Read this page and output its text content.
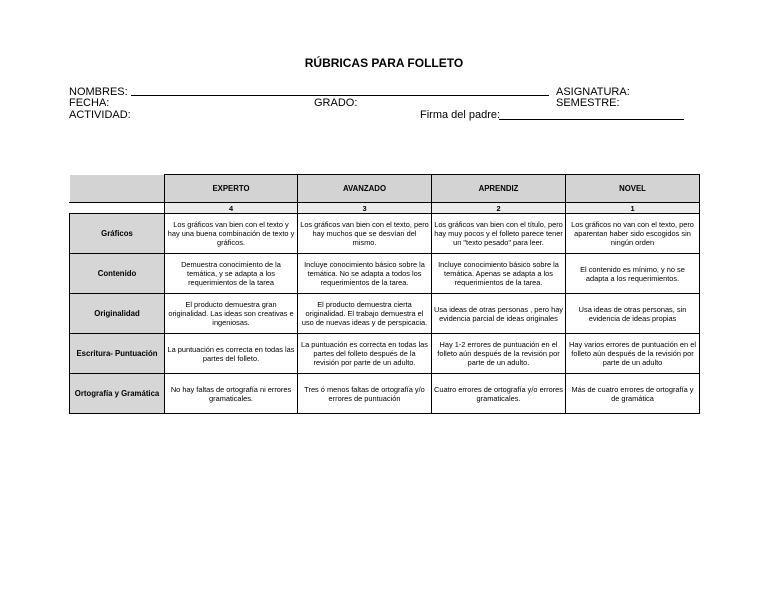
RÚBRICAS PARA FOLLETO
NOMBRES:	ASIGNATURA:
FECHA:	GRADO:	SEMESTRE:
ACTIVIDAD:	Firma del padre:
	EXPERTO	AVANZADO	APRENDIZ	NOVEL
	4	3	2	1
Gráficos	Los gráficos van bien con el texto y hay una buena combinación de texto y gráficos.	Los gráficos van bien con el texto, pero hay muchos que se desvían del mismo.	Los gráficos van bien con el título, pero hay muy pocos y el folleto parece tener un "texto pesado" para leer.	Los gráficos no van con el texto, pero aparentan haber sido escogidos sin ningún orden
Contenido	Demuestra conocimiento de la temática, y se adapta a los requerimientos de la tarea	Incluye conocimiento básico sobre la temática. No se adapta a todos los requerimientos de la tarea.	Incluye conocimiento básico sobre la temática. Apenas se adapta a los requerimientos de la tarea.	El contenido es mínimo, y no se adapta a los requerimientos.
Originalidad	El producto demuestra gran originalidad. Las ideas son creativas e ingeniosas.	El producto demuestra cierta originalidad. El trabajo demuestra el uso de nuevas ideas y de perspicacia.	Usa ideas de otras personas , pero hay evidencia parcial de ideas originales	Usa ideas de otras personas, sin evidencia de ideas propias
Escritura- Puntuación	La puntuación es correcta en todas las partes del folleto.	La puntuación es correcta en todas las partes del folleto después de la revisión por parte de un adulto.	Hay 1-2 errores de puntuación en el folleto aún después de la revisión por parte de un adulto.	Hay varios errores de puntuación en el folleto aún después de la revisión por parte de un adulto
Ortografía y Gramática	No hay faltas de ortografía ni errores gramaticales.	Tres ó menos faltas de ortografía y/o errores de puntuación	Cuatro errores de ortografía y/o errores gramaticales.	Más de cuatro errores de ortografía y de gramática
